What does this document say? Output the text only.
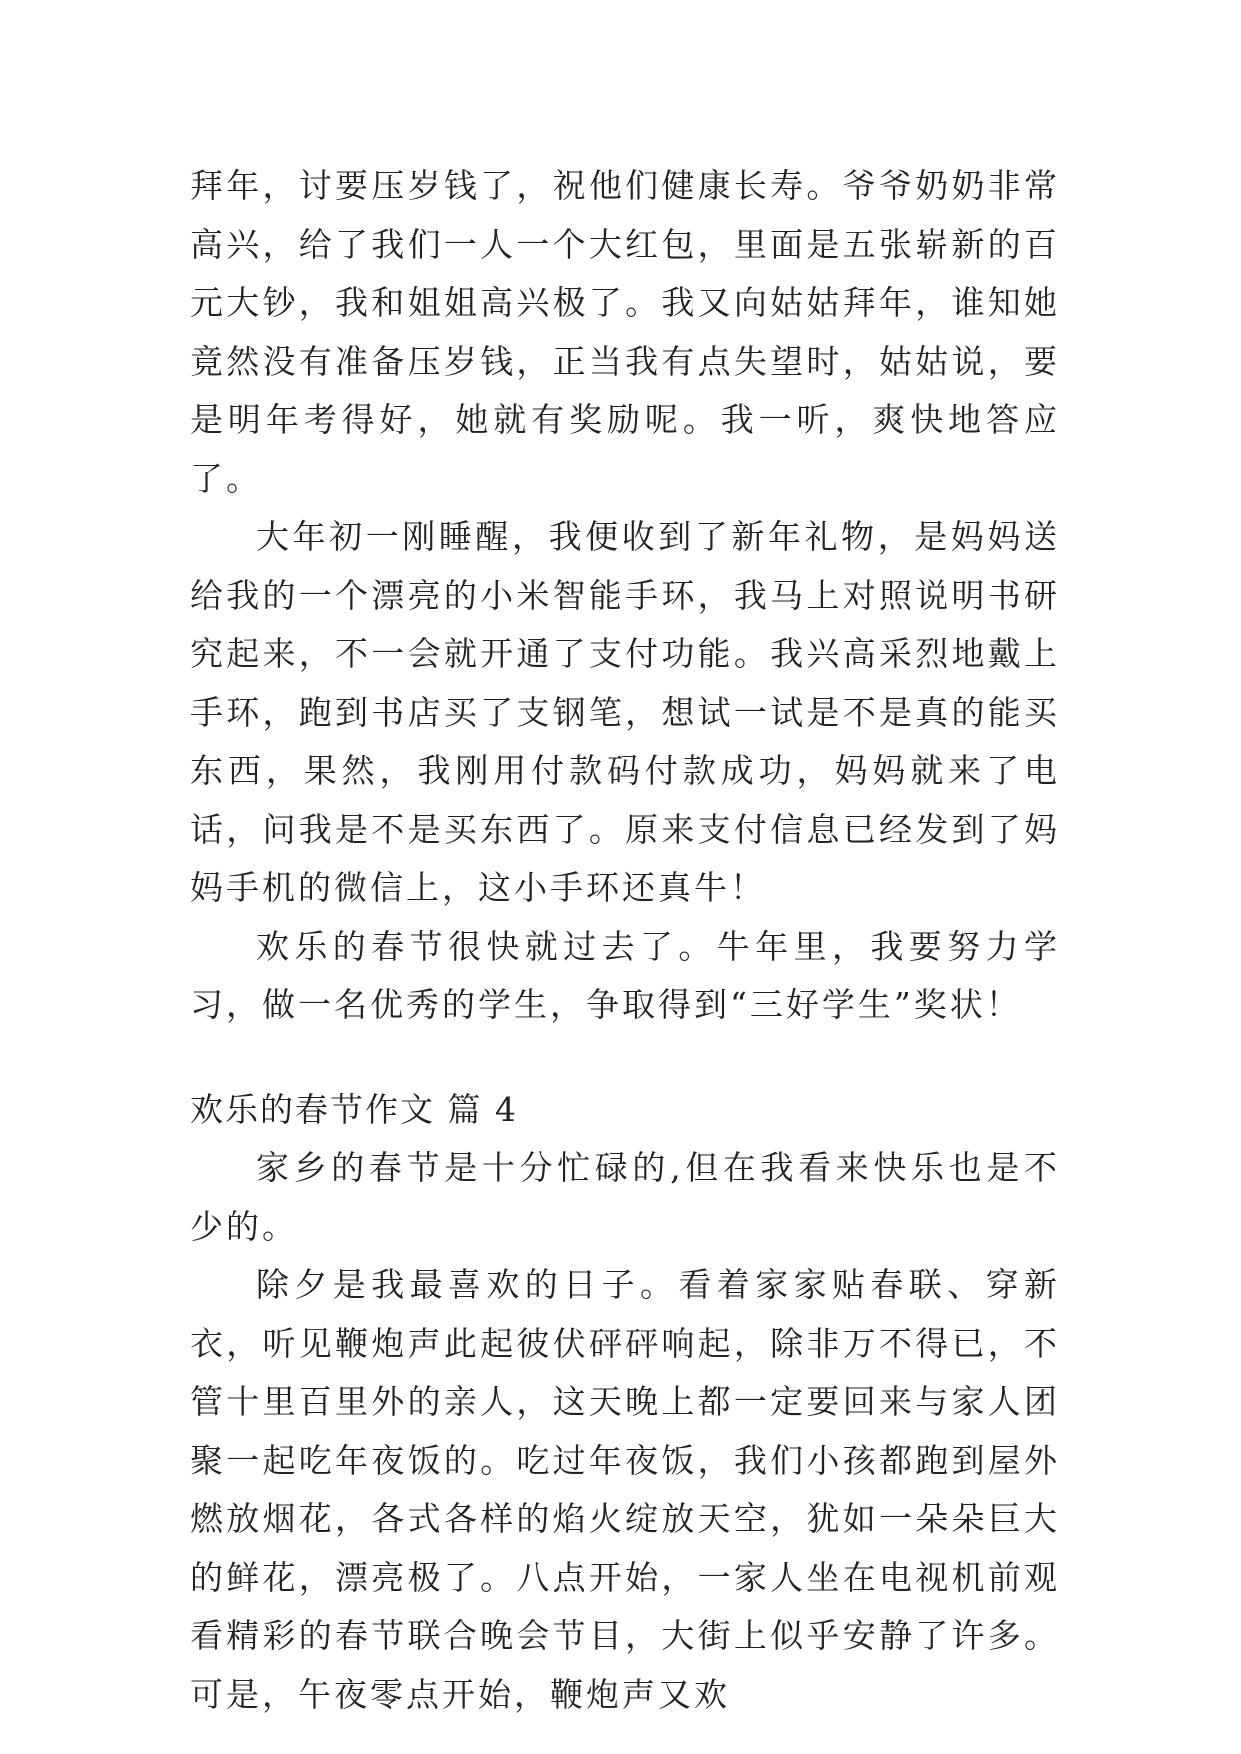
拜年，讨要压岁钱了，祝他们健康长寿。爷爷奶奶非常高兴，给了我们一人一个大红包，里面是五张崭新的百元大钞，我和姐姐高兴极了。我又向姑姑拜年，谁知她竟然没有准备压岁钱，正当我有点失望时，姑姑说，要是明年考得好，她就有奖励呢。我一听，爽快地答应了。

大年初一刚睡醒，我便收到了新年礼物，是妈妈送给我的一个漂亮的小米智能手环，我马上对照说明书研究起来，不一会就开通了支付功能。我兴高采烈地戴上手环，跑到书店买了支钢笔，想试一试是不是真的能买东西，果然，我刚用付款码付款成功，妈妈就来了电话，问我是不是买东西了。原来支付信息已经发到了妈妈手机的微信上，这小手环还真牛！

欢乐的春节很快就过去了。牛年里，我要努力学习，做一名优秀的学生，争取得到“三好学生”奖状！

欢乐的春节作文 篇 4

家乡的春节是十分忙碌的,但在我看来快乐也是不少的。

除夕是我最喜欢的日子。看着家家贴春联、穿新衣，听见鞭炮声此起彼伏砰砰响起，除非万不得已，不管十里百里外的亲人，这天晚上都一定要回来与家人团聚一起吃年夜饭的。吃过年夜饭，我们小孩都跑到屋外燃放烟花，各式各样的焰火绽放天空，犹如一朵朵巨大的鲜花，漂亮极了。八点开始，一家人坐在电视机前观看精彩的春节联合晚会节目，大街上似乎安静了许多。可是，午夜零点开始，鞭炮声又欢
